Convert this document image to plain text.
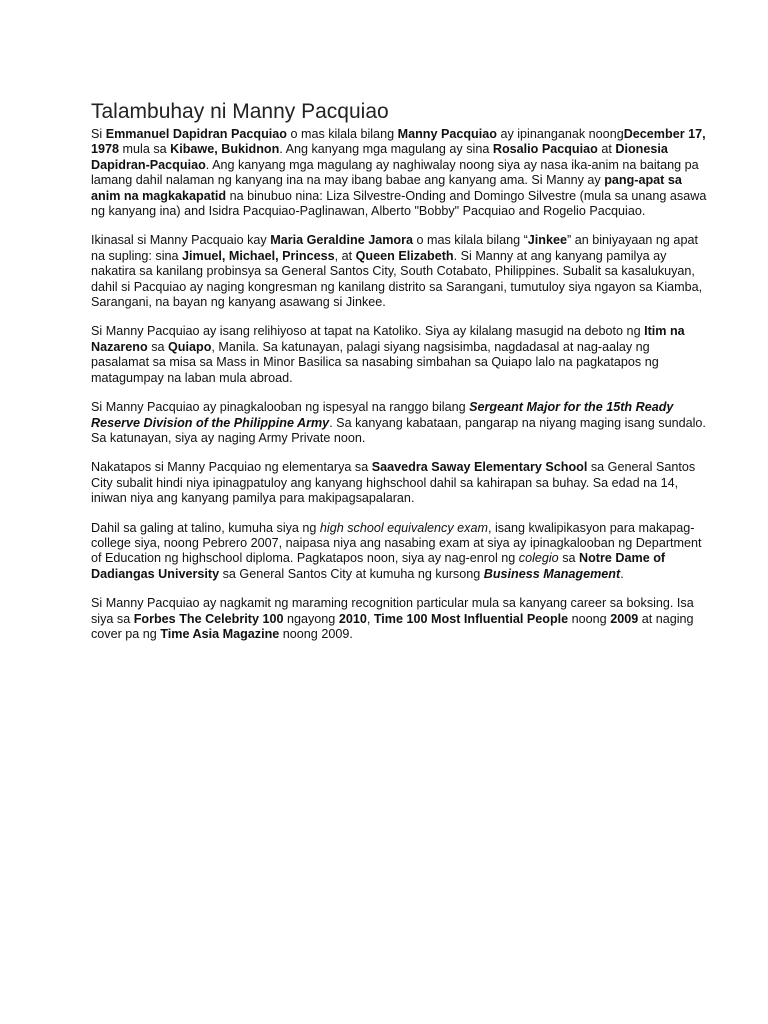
Talambuhay ni Manny Pacquiao

Si Emmanuel Dapidran Pacquiao o mas kilala bilang Manny Pacquiao ay ipinanganak noongDecember 17, 1978 mula sa Kibawe, Bukidnon. Ang kanyang mga magulang ay sina Rosalio Pacquiao at Dionesia Dapidran-Pacquiao. Ang kanyang mga magulang ay naghiwalay noong siya ay nasa ika-anim na baitang pa lamang dahil nalaman ng kanyang ina na may ibang babae ang kanyang ama. Si Manny ay pang-apat sa anim na magkakapatid na binubuo nina: Liza Silvestre-Onding and Domingo Silvestre (mula sa unang asawa ng kanyang ina) and Isidra Pacquiao-Paglinawan, Alberto "Bobby" Pacquiao and Rogelio Pacquiao.

Ikinasal si Manny Pacquaio kay Maria Geraldine Jamora o mas kilala bilang “Jinkee” an biniyayaan ng apat na supling: sina Jimuel, Michael, Princess, at Queen Elizabeth. Si Manny at ang kanyang pamilya ay nakatira sa kanilang probinsya sa General Santos City, South Cotabato, Philippines. Subalit sa kasalukuyan, dahil si Pacquiao ay naging kongresman ng kanilang distrito sa Sarangani, tumutuloy siya ngayon sa Kiamba, Sarangani, na bayan ng kanyang asawang si Jinkee.

Si Manny Pacquiao ay isang relihiyoso at tapat na Katoliko. Siya ay kilalang masugid na deboto ng Itim na Nazareno sa Quiapo, Manila. Sa katunayan, palagi siyang nagsisimba, nagdadasal at nag-aalay ng pasalamat sa misa sa Mass in Minor Basilica sa nasabing simbahan sa Quiapo lalo na pagkatapos ng matagumpay na laban mula abroad.

Si Manny Pacquiao ay pinagkalooban ng ispesyal na ranggo bilang Sergeant Major for the 15th Ready Reserve Division of the Philippine Army. Sa kanyang kabataan, pangarap na niyang maging isang sundalo. Sa katunayan, siya ay naging Army Private noon.

Nakatapos si Manny Pacquiao ng elementarya sa Saavedra Saway Elementary School sa General Santos City subalit hindi niya ipinagpatuloy ang kanyang highschool dahil sa kahirapan sa buhay. Sa edad na 14, iniwan niya ang kanyang pamilya para makipagsapalaran.

Dahil sa galing at talino, kumuha siya ng high school equivalency exam, isang kwalipikasyon para makapag-college siya, noong Pebrero 2007, naipasa niya ang nasabing exam at siya ay ipinagkalooban ng Department of Education ng highschool diploma. Pagkatapos noon, siya ay nag-enrol ng colegio sa Notre Dame of Dadiangas University sa General Santos City at kumuha ng kursong Business Management.

Si Manny Pacquiao ay nagkamit ng maraming recognition particular mula sa kanyang career sa boksing. Isa siya sa Forbes The Celebrity 100 ngayong 2010, Time 100 Most Influential People noong 2009 at naging cover pa ng Time Asia Magazine noong 2009.
